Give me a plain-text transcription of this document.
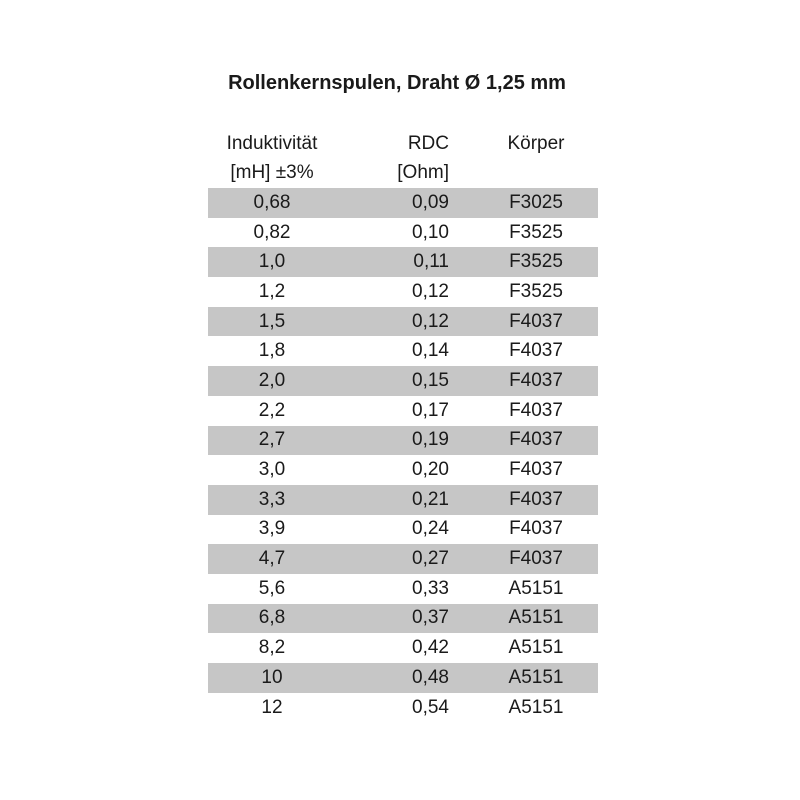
Rollenkernspulen, Draht Ø 1,25 mm
Induktivität	RDC	Körper
[mH] ±3%	[Ohm]
0,68	0,09	F3025
0,82	0,10	F3525
1,0	0,11	F3525
1,2	0,12	F3525
1,5	0,12	F4037
1,8	0,14	F4037
2,0	0,15	F4037
2,2	0,17	F4037
2,7	0,19	F4037
3,0	0,20	F4037
3,3	0,21	F4037
3,9	0,24	F4037
4,7	0,27	F4037
5,6	0,33	A5151
6,8	0,37	A5151
8,2	0,42	A5151
10	0,48	A5151
12	0,54	A5151
